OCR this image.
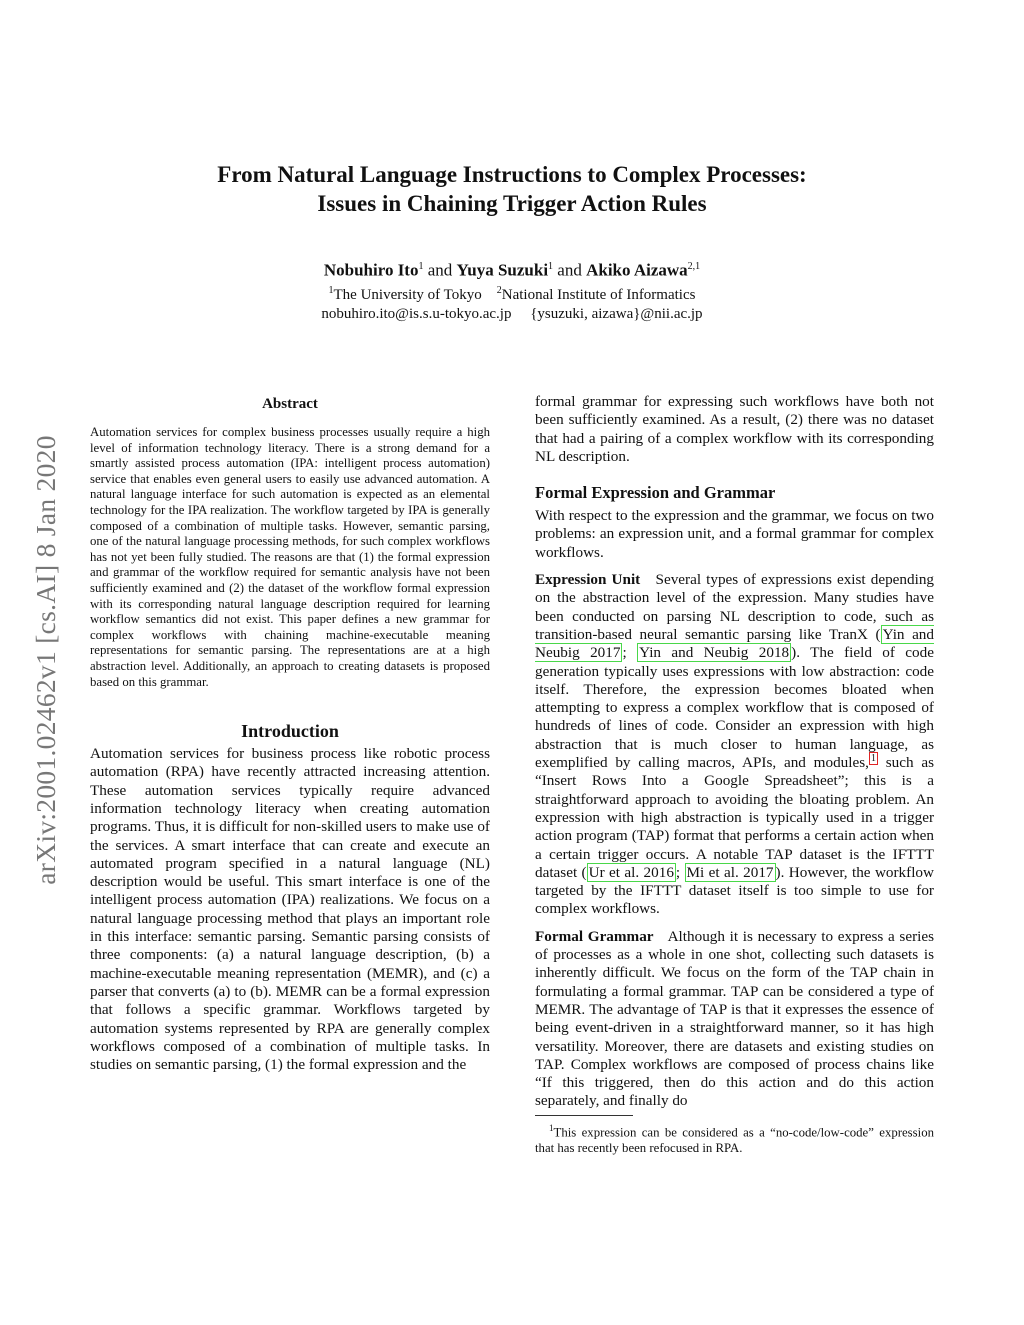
arXiv:2001.02462v1 [cs.AI] 8 Jan 2020
From Natural Language Instructions to Complex Processes:
Issues in Chaining Trigger Action Rules
Nobuhiro Ito$^1$ and Yuya Suzuki$^1$ and Akiko Aizawa$^{2,1}$
$^1$The University of Tokyo $^2$National Institute of Informatics
nobuhiro.ito@is.s.u-tokyo.ac.jp {ysuzuki, aizawa}@nii.ac.jp
Abstract

Automation services for complex business processes usually require a high level of information technology literacy. There is a strong demand for a smartly assisted process automation (IPA: intelligent process automation) service that enables even general users to easily use advanced automation. A natural language interface for such automation is expected as an elemental technology for the IPA realization. The workflow targeted by IPA is generally composed of a combination of multiple tasks. However, semantic parsing, one of the natural language processing methods, for such complex workflows has not yet been fully studied. The reasons are that (1) the formal expression and grammar of the workflow required for semantic analysis have not been sufficiently examined and (2) the dataset of the workflow formal expression with its corresponding natural language description required for learning workflow semantics did not exist. This paper defines a new grammar for complex workflows with chaining machine-executable meaning representations for semantic parsing. The representations are at a high abstraction level. Additionally, an approach to creating datasets is proposed based on this grammar.

Introduction

Automation services for business process like robotic process automation (RPA) have recently attracted increasing attention. These automation services typically require advanced information technology literacy when creating automation programs. Thus, it is difficult for non-skilled users to make use of the services. A smart interface that can create and execute an automated program specified in a natural language (NL) description would be useful. This smart interface is one of the intelligent process automation (IPA) realizations. We focus on a natural language processing method that plays an important role in this interface: semantic parsing. Semantic parsing consists of three components: (a) a natural language description, (b) a machine-executable meaning representation (MEMR), and (c) a parser that converts (a) to (b). MEMR can be a formal expression that follows a specific grammar. Workflows targeted by automation systems represented by RPA are generally complex workflows composed of a combination of multiple tasks. In studies on semantic parsing, (1) the formal expression and the

formal grammar for expressing such workflows have both not been sufficiently examined. As a result, (2) there was no dataset that had a pairing of a complex workflow with its corresponding NL description.

Formal Expression and Grammar

With respect to the expression and the grammar, we focus on two problems: an expression unit, and a formal grammar for complex workflows.

Expression Unit Several types of expressions exist depending on the abstraction level of the expression. Many studies have been conducted on parsing NL description to code, such as transition-based neural semantic parsing like TranX ( Yin and Neubig 2017 ; Yin and Neubig 2018 ). The field of code generation typically uses expressions with low abstraction: code itself. Therefore, the expression becomes bloated when attempting to express a complex workflow that is composed of hundreds of lines of code. Consider an expression with high abstraction that is much closer to human language, as exemplified by calling macros, APIs, and modules, $^1$ such as “Insert Rows Into a Google Spreadsheet”; this is a straightforward approach to avoiding the bloating problem. An expression with high abstraction is typically used in a trigger action program (TAP) format that performs a certain action when a certain trigger occurs. A notable TAP dataset is the IFTTT dataset ( Ur et al. 2016 ; Mi et al. 2017 ). However, the workflow targeted by the IFTTT dataset itself is too simple to use for complex workflows.

Formal Grammar Although it is necessary to express a series of processes as a whole in one shot, collecting such datasets is inherently difficult. We focus on the form of the TAP chain in formulating a formal grammar. TAP can be considered a type of MEMR. The advantage of TAP is that it expresses the essence of being event-driven in a straightforward manner, so it has high versatility. Moreover, there are datasets and existing studies on TAP. Complex workflows are composed of process chains like “If this triggered, then do this action and do this action separately, and finally do

$^1$This expression can be considered as a “no-code/low-code” expression that has recently been refocused in RPA.
